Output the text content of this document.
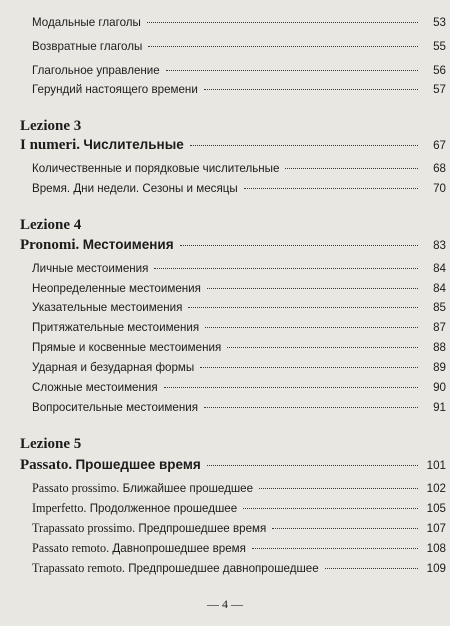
Модальные глаголы	53
Возвратные глаголы	55
Глагольное управление	56
Герундий настоящего времени	57
Lezione 3
I numeri. Числительные	67
Количественные и порядковые числительные	68
Время. Дни недели. Сезоны и месяцы	70
Lezione 4
Pronomi. Местоимения	83
Личные местоимения	84
Неопределенные местоимения	84
Указательные местоимения	85
Притяжательные местоимения	87
Прямые и косвенные местоимения	88
Ударная и безударная формы	89
Сложные местоимения	90
Вопросительные местоимения	91
Lezione 5
Passato. Прошедшее время	101
Passato prossimo. Ближайшее прошедшее	102
Imperfetto. Продолженное прошедшее	105
Trapassato prossimo. Предпрошедшее время	107
Passato remoto. Давнопрошедшее время	108
Trapassato remoto. Предпрошедшее давнопрошедшее	109
— 4 —
